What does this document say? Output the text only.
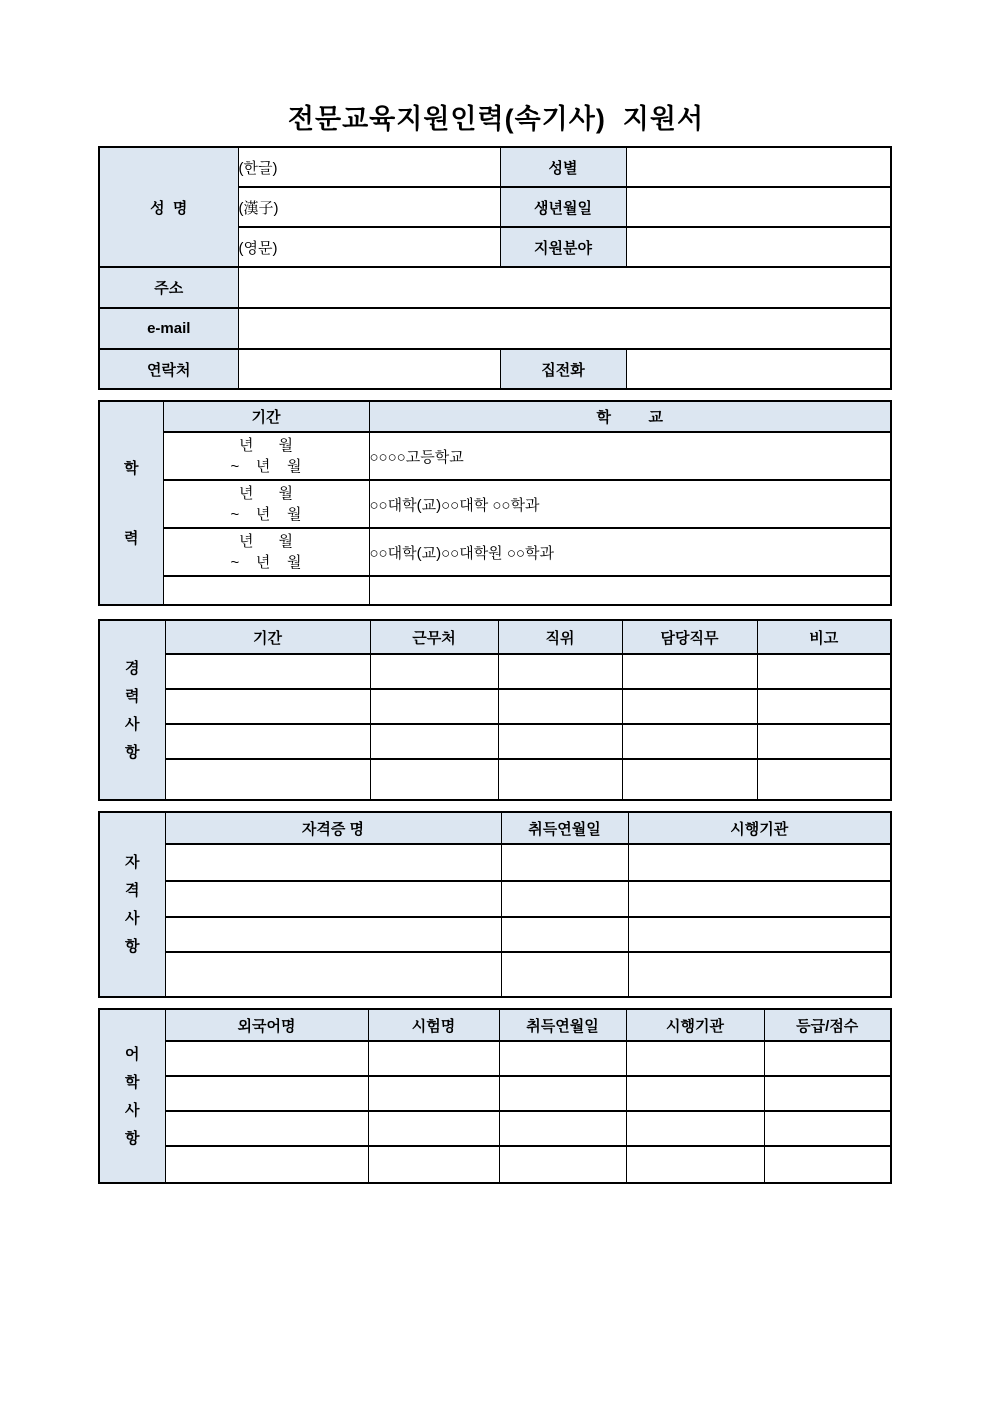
전문교육지원인력(속기사)  지원서
성  명	(한글)	성별	
	(漢子)	생년월일	
	(영문)	지원분야	
주소			
e-mail			
연락처		집전화	
학
력	기간	학         교

	년      월
~    년    월	○○○○고등학교

	년      월
~    년    월	○○대학(교)○○대학 ○○학과

	년      월
~    년    월	○○대학(교)○○대학원 ○○학과

경
력
사
항	기간	근무처	직위	담당직무	비고

자
격
사
항	자격증 명	취득연월일	시행기관

어
학
사
항	외국어명	시험명	취득연월일	시행기관	등급/점수
